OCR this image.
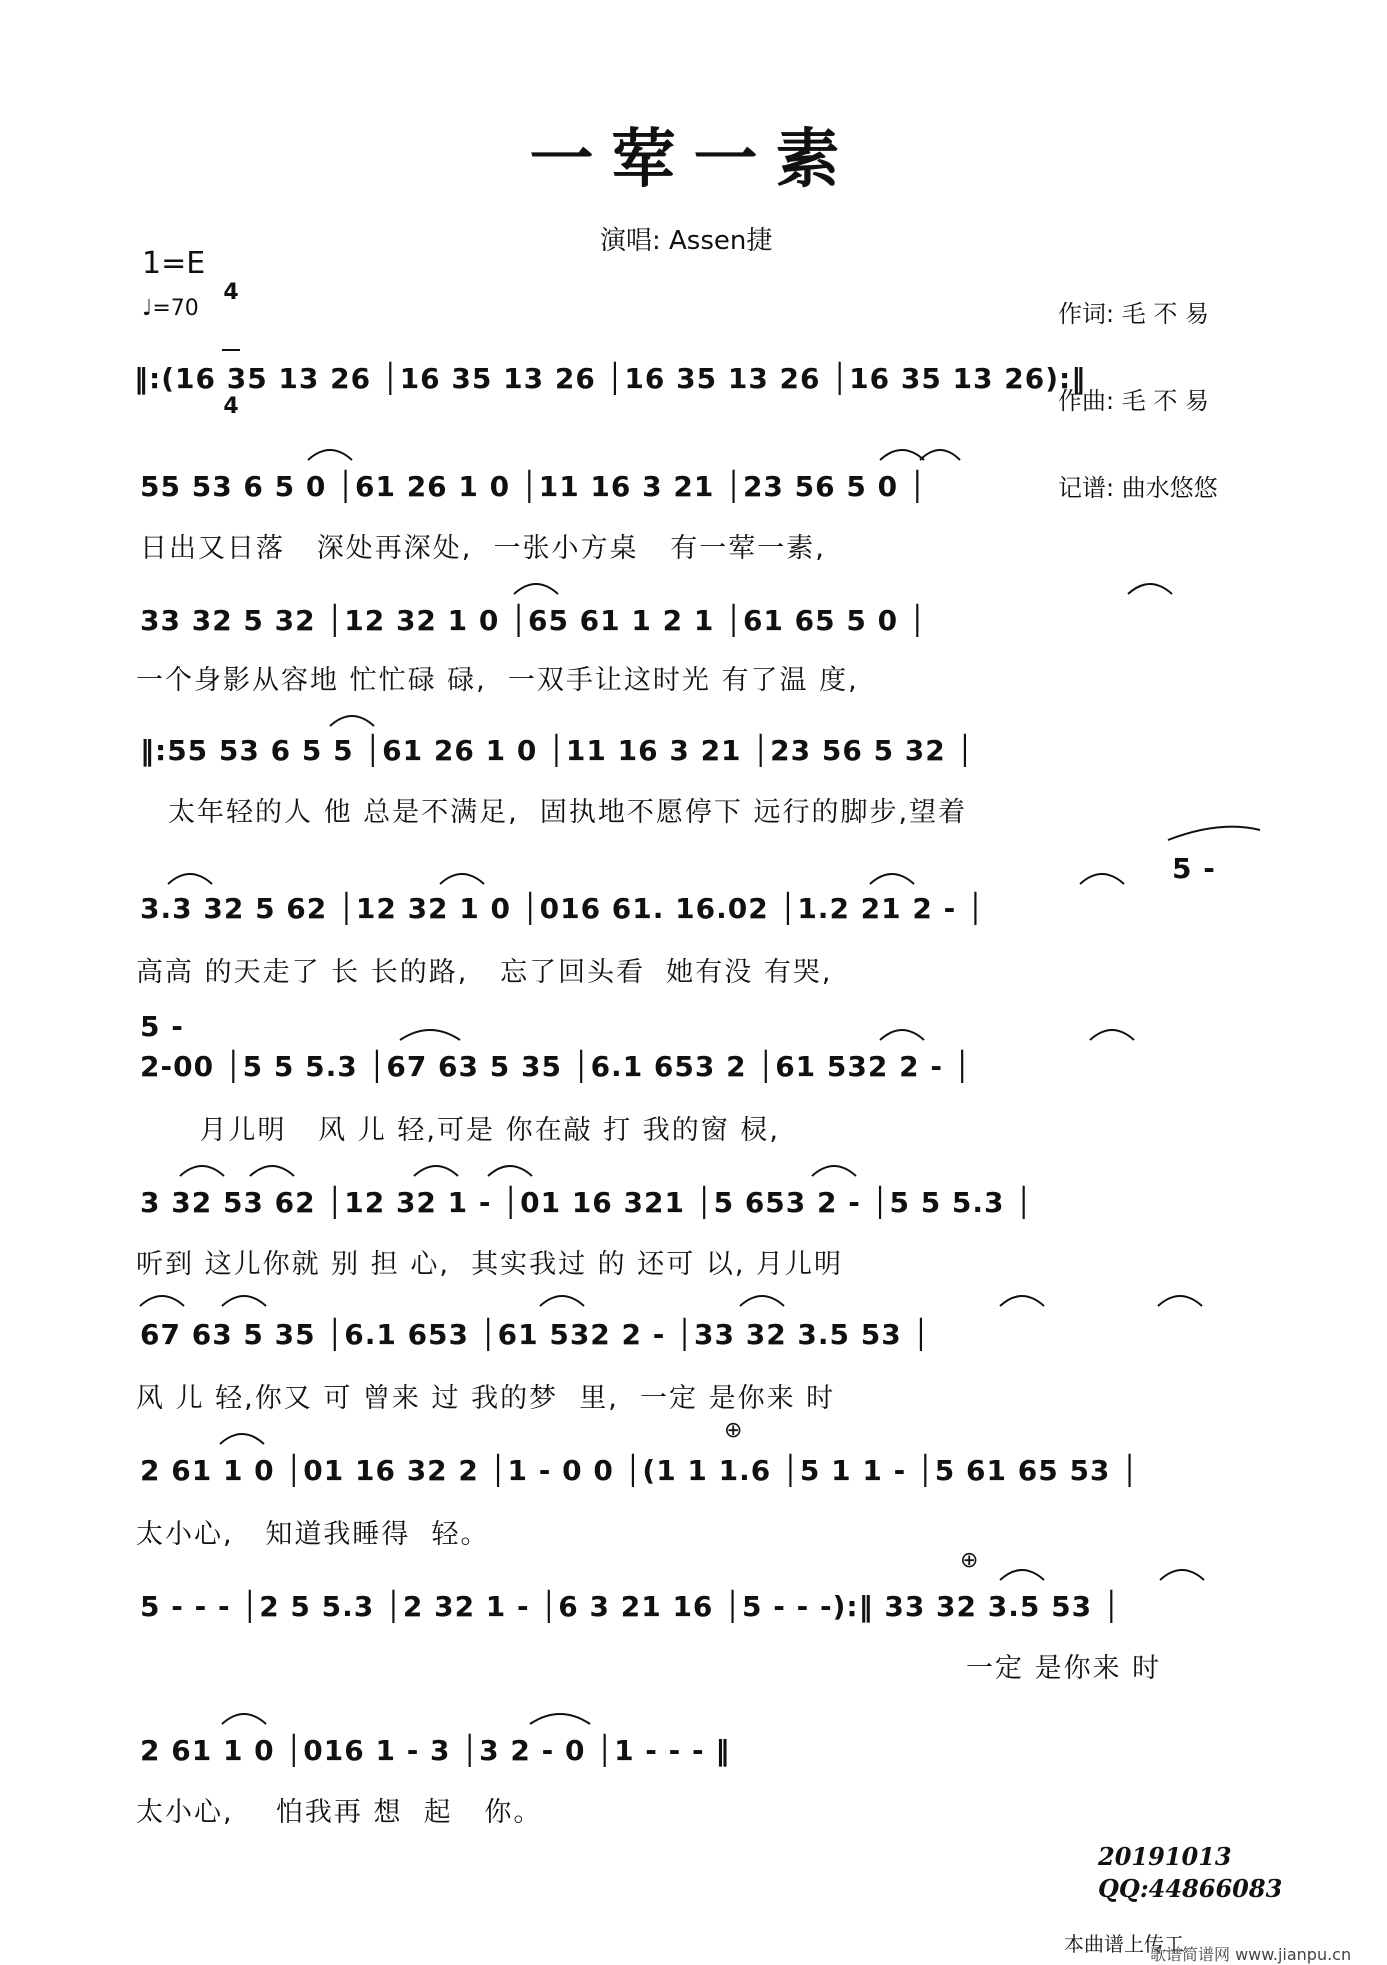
一荤一素
演唱: Assen捷
1=E

4

4

♩=70

	作词: 毛 不 易

作曲: 毛 不 易

记谱: 曲水悠悠

‖:(16 35 13 26 │16 35 13 26 │16 35 13 26 │16 35 13 26):‖
55 53 6 5 0 │61 26 1 0 │11 16 3 21 │23 56 5 0 │
日出又日落   深处再深处,  一张小方桌   有一荤一素,
33 32 5 32 │12 32 1 0 │65 61 1 2 1 │61 65 5 0 │
一个身影从容地 忙忙碌 碌,  一双手让这时光 有了温 度,
‖:55 53 6 5 5 │61 26 1 0 │11 16 3 21 │23 56 5 32 │
太年轻的人 他 总是不满足,  固执地不愿停下 远行的脚步,望着
5 -
3.3 32 5 62 │12 32 1 0 │016 61. 16.02 │1.2 21 2 - │
高高 的天走了 长 长的路,   忘了回头看  她有没 有哭,
5 -
2-00 │5 5 5.3 │67 63 5 35 │6.1 653 2 │61 532 2 - │
月儿明   风 儿 轻,可是 你在敲 打 我的窗 棂,
3 32 53 62 │12 32 1 - │01 16 321 │5 653 2 - │5 5 5.3 │
听到 这儿你就 别 担 心,  其实我过 的 还可 以, 月儿明
67 63 5 35 │6.1 653 │61 532 2 - │33 32 3.5 53 │
风 儿 轻,你又 可 曾来 过 我的梦  里,  一定 是你来 时
⊕
2 61 1 0 │01 16 32 2 │1 - 0 0 │(1 1 1.6 │5 1 1 - │5 61 65 53 │
太小心,   知道我睡得  轻。
⊕
5 - - - │2 5 5.3 │2 32 1 - │6 3 21 16 │5 - - -):‖ 33 32 3.5 53 │
一定 是你来 时
2 61 1 0 │016 1 - 3 │3 2 - 0 │1 - - - ‖
太小心,    怕我再 想  起   你。
20191013
QQ:44866083
本曲谱上传工
歌谱简谱网 www.jianpu.cn
